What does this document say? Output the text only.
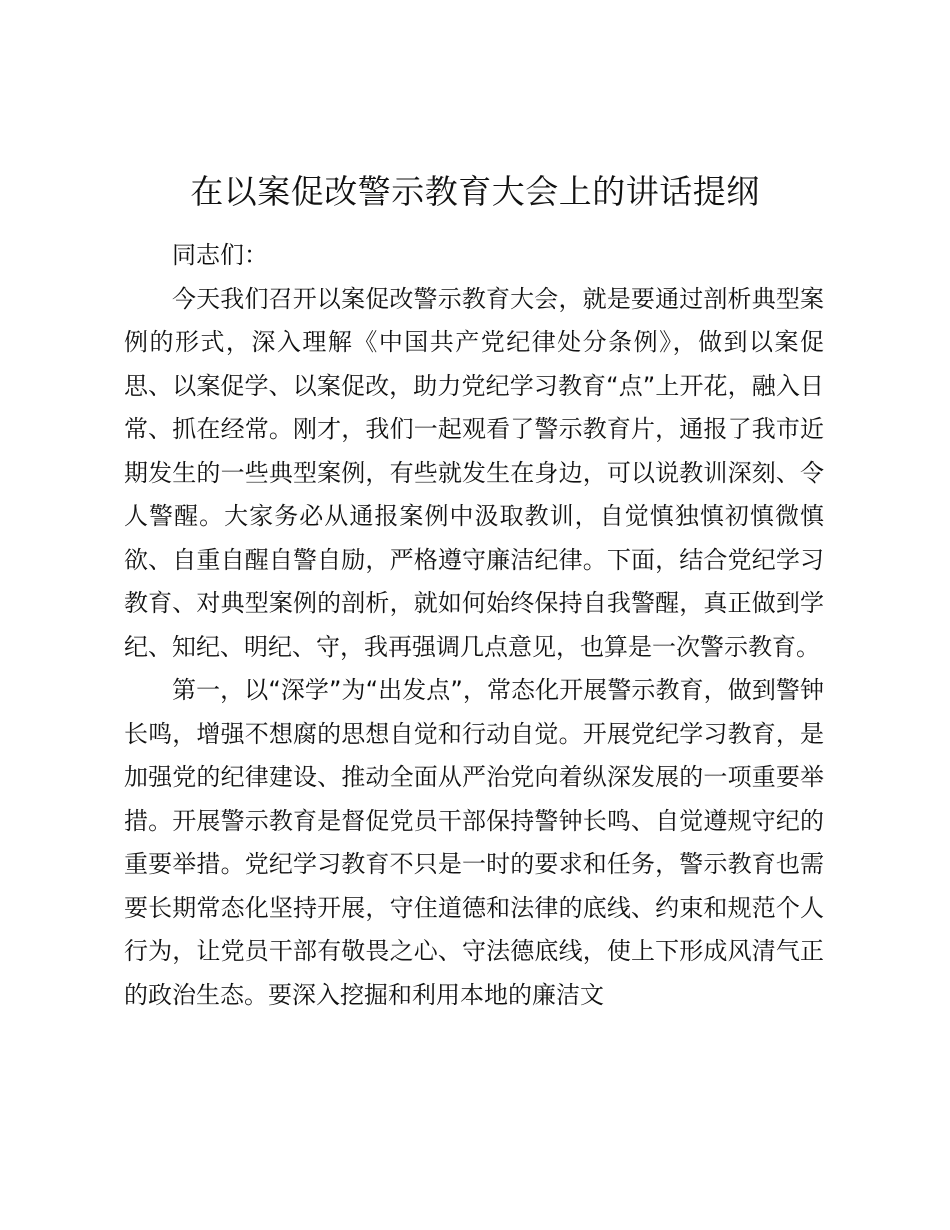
在以案促改警示教育大会上的讲话提纲

同志们：

今天我们召开以案促改警示教育大会，就是要通过剖析典型案例的形式，深入理解《中国共产党纪律处分条例》，做到以案促思、以案促学、以案促改，助力党纪学习教育“点”上开花，融入日常、抓在经常。刚才，我们一起观看了警示教育片，通报了我市近期发生的一些典型案例，有些就发生在身边，可以说教训深刻、令人警醒。大家务必从通报案例中汲取教训，自觉慎独慎初慎微慎欲、自重自醒自警自励，严格遵守廉洁纪律。下面，结合党纪学习教育、对典型案例的剖析，就如何始终保持自我警醒，真正做到学纪、知纪、明纪、守，我再强调几点意见，也算是一次警示教育。

第一，以“深学”为“出发点”，常态化开展警示教育，做到警钟长鸣，增强不想腐的思想自觉和行动自觉。开展党纪学习教育，是加强党的纪律建设、推动全面从严治党向着纵深发展的一项重要举措。开展警示教育是督促党员干部保持警钟长鸣、自觉遵规守纪的重要举措。党纪学习教育不只是一时的要求和任务，警示教育也需要长期常态化坚持开展，守住道德和法律的底线、约束和规范个人行为，让党员干部有敬畏之心、守法德底线，使上下形成风清气正的政治生态。要深入挖掘和利用本地的廉洁文
